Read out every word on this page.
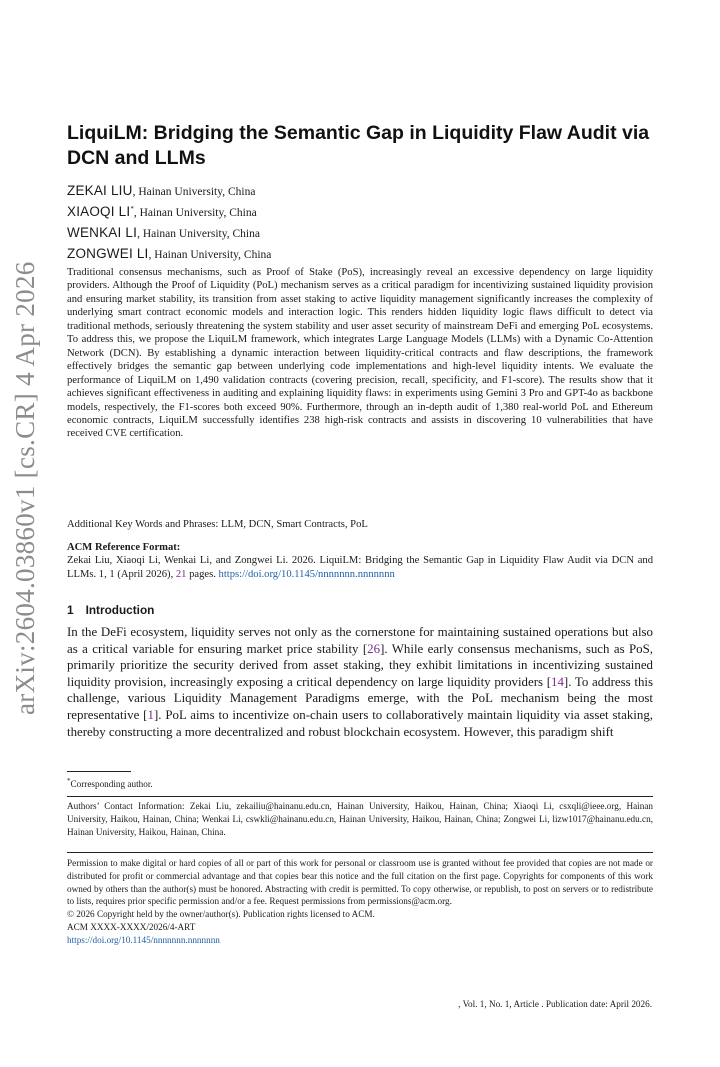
arXiv:2604.03860v1 [cs.CR] 4 Apr 2026
LiquiLM: Bridging the Semantic Gap in Liquidity Flaw Audit via DCN and LLMs
ZEKAI LIU, Hainan University, China
XIAOQI LI*, Hainan University, China
WENKAI LI, Hainan University, China
ZONGWEI LI, Hainan University, China

Traditional consensus mechanisms, such as Proof of Stake (PoS), increasingly reveal an excessive dependency on large liquidity providers. Although the Proof of Liquidity (PoL) mechanism serves as a critical paradigm for incentivizing sustained liquidity provision and ensuring market stability, its transition from asset staking to active liquidity management significantly increases the complexity of underlying smart contract economic models and interaction logic. This renders hidden liquidity logic flaws difficult to detect via traditional methods, seriously threatening the system stability and user asset security of mainstream DeFi and emerging PoL ecosystems. To address this, we propose the LiquiLM framework, which integrates Large Language Models (LLMs) with a Dynamic Co-Attention Network (DCN). By establishing a dynamic interaction between liquidity-critical contracts and flaw descriptions, the framework effectively bridges the semantic gap between underlying code implementations and high-level liquidity intents. We evaluate the performance of LiquiLM on 1,490 validation contracts (covering precision, recall, specificity, and F1-score). The results show that it achieves significant effectiveness in auditing and explaining liquidity flaws: in experiments using Gemini 3 Pro and GPT-4o as backbone models, respectively, the F1-scores both exceed 90%. Furthermore, through an in-depth audit of 1,380 real-world PoL and Ethereum economic contracts, LiquiLM successfully identifies 238 high-risk contracts and assists in discovering 10 vulnerabilities that have received CVE certification.

Additional Key Words and Phrases: LLM, DCN, Smart Contracts, PoL

ACM Reference Format:
Zekai Liu, Xiaoqi Li, Wenkai Li, and Zongwei Li. 2026. LiquiLM: Bridging the Semantic Gap in Liquidity Flaw Audit via DCN and LLMs. 1, 1 (April 2026), 21 pages. https://doi.org/10.1145/nnnnnnn.nnnnnnn
1 Introduction

In the DeFi ecosystem, liquidity serves not only as the cornerstone for maintaining sustained operations but also as a critical variable for ensuring market price stability [26]. While early consensus mechanisms, such as PoS, primarily prioritize the security derived from asset staking, they exhibit limitations in incentivizing sustained liquidity provision, increasingly exposing a critical dependency on large liquidity providers [14]. To address this challenge, various Liquidity Management Paradigms emerge, with the PoL mechanism being the most representative [1]. PoL aims to incentivize on-chain users to collaboratively maintain liquidity via asset staking, thereby constructing a more decentralized and robust blockchain ecosystem. However, this paradigm shift

*Corresponding author.
Authors’ Contact Information: Zekai Liu, zekailiu@hainanu.edu.cn, Hainan University, Haikou, Hainan, China; Xiaoqi Li, csxqli@ieee.org, Hainan University, Haikou, Hainan, China; Wenkai Li, cswkli@hainanu.edu.cn, Hainan University, Haikou, Hainan, China; Zongwei Li, lizw1017@hainanu.edu.cn, Hainan University, Haikou, Hainan, China.

Permission to make digital or hard copies of all or part of this work for personal or classroom use is granted without fee provided that copies are not made or distributed for profit or commercial advantage and that copies bear this notice and the full citation on the first page. Copyrights for components of this work owned by others than the author(s) must be honored. Abstracting with credit is permitted. To copy otherwise, or republish, to post on servers or to redistribute to lists, requires prior specific permission and/or a fee. Request permissions from permissions@acm.org.

© 2026 Copyright held by the owner/author(s). Publication rights licensed to ACM.

ACM XXXX-XXXX/2026/4-ART

https://doi.org/10.1145/nnnnnnn.nnnnnnn

, Vol. 1, No. 1, Article . Publication date: April 2026.
